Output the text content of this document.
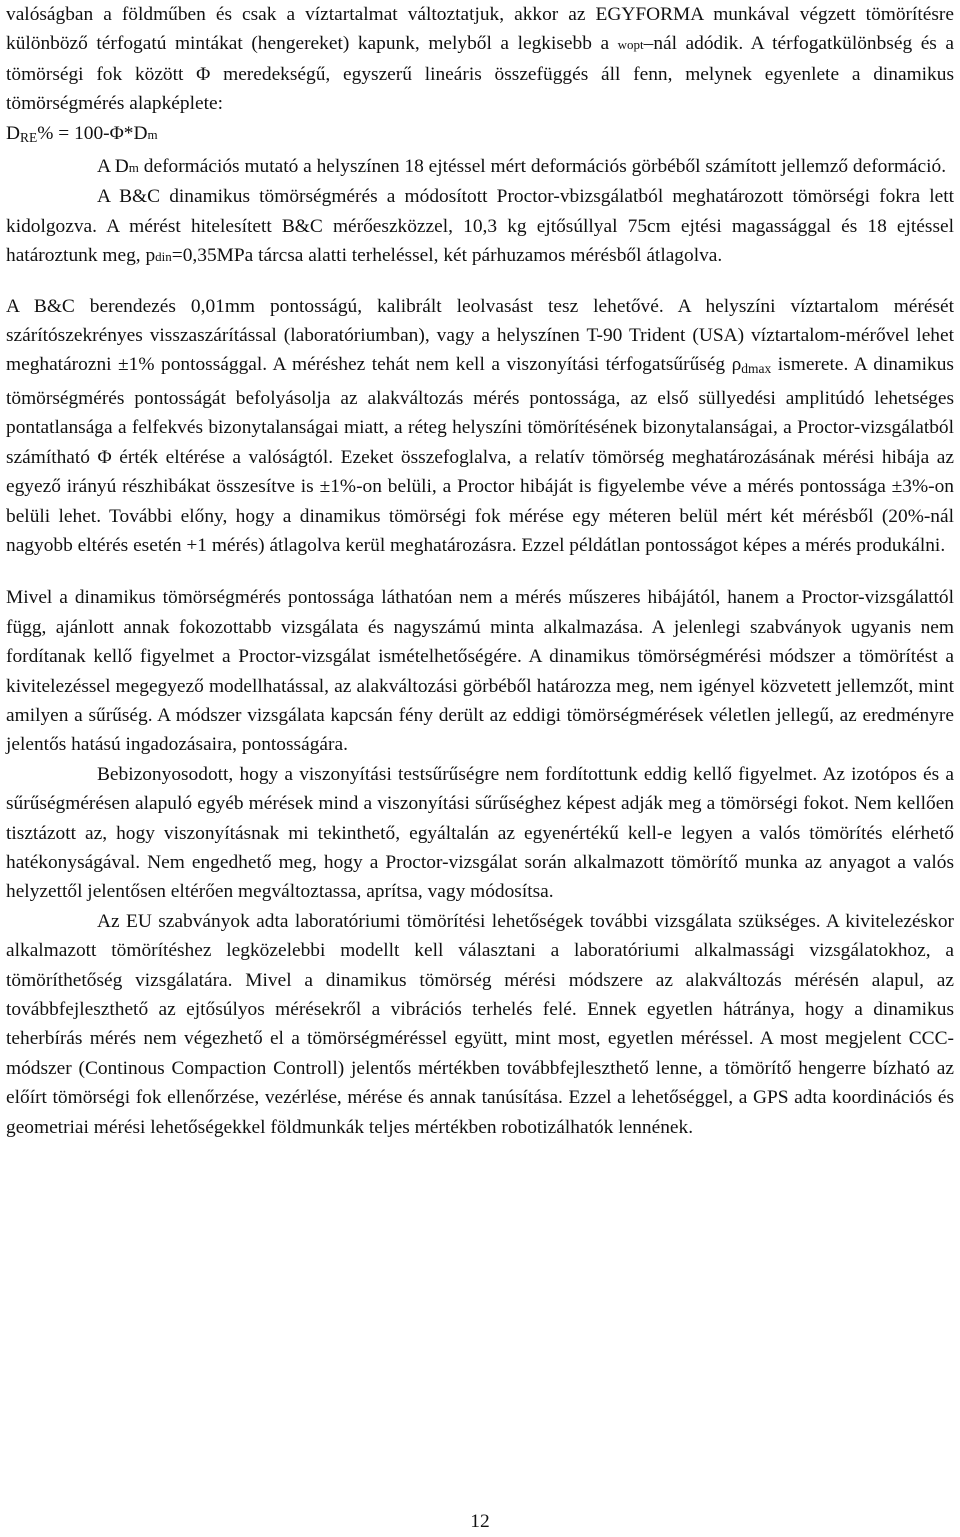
valóságban a földműben és csak a víztartalmat változtatjuk, akkor az EGYFORMA munkával végzett tömörítésre különböző térfogatú mintákat (hengereket) kapunk, melyből a legkisebb a wopt–nál adódik. A térfogatkülönbség és a tömörségi fok között Φ meredekségű, egyszerű lineáris összefüggés áll fenn, melynek egyenlete a dinamikus tömörségmérés alapképlete:

$D_{RE}\% = 100-\Phi*Dm$

A Dm deformációs mutató a helyszínen 18 ejtéssel mért deformációs görbéből számított jellemző deformáció.

A B&C dinamikus tömörségmérés a módosított Proctor-vbizsgálatból meghatározott tömörségi fokra lett kidolgozva. A mérést hitelesített B&C mérőeszközzel, 10,3 kg ejtősúllyal 75cm ejtési magassággal és 18 ejtéssel határoztunk meg, pdin=0,35MPa tárcsa alatti terheléssel, két párhuzamos mérésből átlagolva.

A B&C berendezés 0,01mm pontosságú, kalibrált leolvasást tesz lehetővé. A helyszíni víztartalom mérését szárítószekrényes visszaszárítással (laboratóriumban), vagy a helyszínen T-90 Trident (USA) víztartalom-mérővel lehet meghatározni ±1% pontossággal. A méréshez tehát nem kell a viszonyítási térfogatsűrűség $\rho_{dmax}$ ismerete. A dinamikus tömörségmérés pontosságát befolyásolja az alakváltozás mérés pontossága, az első süllyedési amplitúdó lehetséges pontatlansága a felfekvés bizonytalanságai miatt, a réteg helyszíni tömörítésének bizonytalanságai, a Proctor-vizsgálatból számítható Φ érték eltérése a valóságtól. Ezeket összefoglalva, a relatív tömörség meghatározásának mérési hibája az egyező irányú részhibákat összesítve is ±1%-on belüli, a Proctor hibáját is figyelembe véve a mérés pontossága ±3%-on belüli lehet. További előny, hogy a dinamikus tömörségi fok mérése egy méteren belül mért két mérésből (20%-nál nagyobb eltérés esetén +1 mérés) átlagolva kerül meghatározásra. Ezzel példátlan pontosságot képes a mérés produkálni.

Mivel a dinamikus tömörségmérés pontossága láthatóan nem a mérés műszeres hibájától, hanem a Proctor-vizsgálattól függ, ajánlott annak fokozottabb vizsgálata és nagyszámú minta alkalmazása. A jelenlegi szabványok ugyanis nem fordítanak kellő figyelmet a Proctor-vizsgálat ismételhetőségére. A dinamikus tömörségmérési módszer a tömörítést a kivitelezéssel megegyező modellhatással, az alakváltozási görbéből határozza meg, nem igényel közvetett jellemzőt, mint amilyen a sűrűség. A módszer vizsgálata kapcsán fény derült az eddigi tömörségmérések véletlen jellegű, az eredményre jelentős hatású ingadozásaira, pontosságára.

Bebizonyosodott, hogy a viszonyítási testsűrűségre nem fordítottunk eddig kellő figyelmet. Az izotópos és a sűrűségmérésen alapuló egyéb mérések mind a viszonyítási sűrűséghez képest adják meg a tömörségi fokot. Nem kellően tisztázott az, hogy viszonyításnak mi tekinthető, egyáltalán az egyenértékű kell-e legyen a valós tömörítés elérhető hatékonyságával. Nem engedhető meg, hogy a Proctor-vizsgálat során alkalmazott tömörítő munka az anyagot a valós helyzettől jelentősen eltérően megváltoztassa, aprítsa, vagy módosítsa.

Az EU szabványok adta laboratóriumi tömörítési lehetőségek további vizsgálata szükséges. A kivitelezéskor alkalmazott tömörítéshez legközelebbi modellt kell választani a laboratóriumi alkalmassági vizsgálatokhoz, a tömöríthetőség vizsgálatára. Mivel a dinamikus tömörség mérési módszere az alakváltozás mérésén alapul, az továbbfejleszthető az ejtősúlyos mérésekről a vibrációs terhelés felé. Ennek egyetlen hátránya, hogy a dinamikus teherbírás mérés nem végezhető el a tömörségméréssel együtt, mint most, egyetlen méréssel. A most megjelent CCC-módszer (Continous Compaction Controll) jelentős mértékben továbbfejleszthető lenne, a tömörítő hengerre bízható az előírt tömörségi fok ellenőrzése, vezérlése, mérése és annak tanúsítása. Ezzel a lehetőséggel, a GPS adta koordinációs és geometriai mérési lehetőségekkel földmunkák teljes mértékben robotizálhatók lennének.

12
